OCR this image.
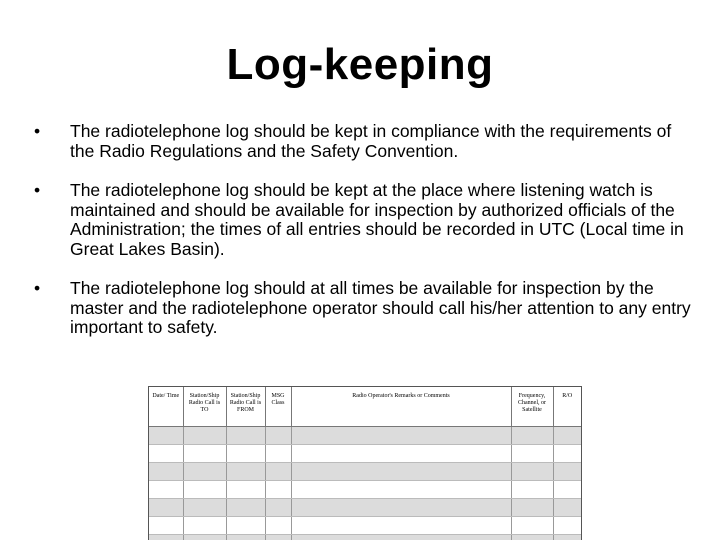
Log-keeping
• The radiotelephone log should be kept in compliance with the requirements of the Radio Regulations and the Safety Convention.
• The radiotelephone log should be kept at the place where listening watch is maintained and should be available for inspection by authorized officials of the Administration; the times of all entries should be recorded in UTC (Local time in Great Lakes Basin).
• The radiotelephone log should at all times be available for inspection by the master and the radiotelephone operator should call his/her attention to any entry important to safety.
Date/ Time	Station/Ship Radio Call is TO	Station/Ship Radio Call is FROM	MSG Class	Radio Operator's Remarks or Comments	Frequency, Channel, or Satellite	R/O
